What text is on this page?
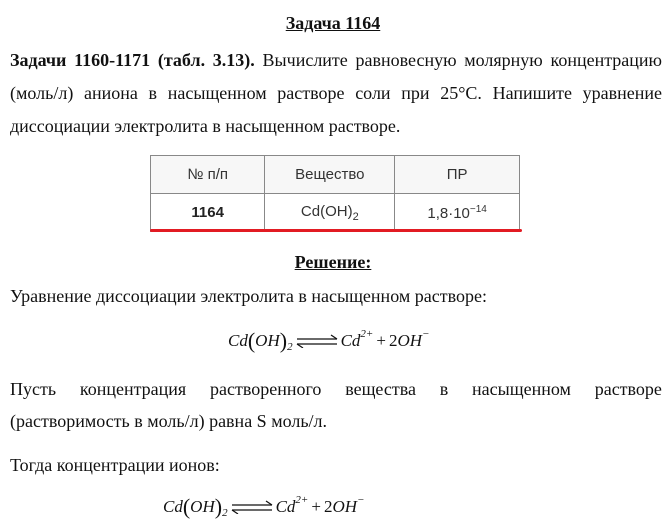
Задача 1164
Задачи 1160-1171 (табл. 3.13). Вычислите равновесную молярную концентрацию (моль/л) аниона в насыщенном растворе соли при 25°С. Напишите уравнение диссоциации электролита в насыщенном растворе.
№ п/п	Вещество	ПР
1164	$Cd(OH)_2$	$1,8\cdot 10^{-14}$
Решение:
Уравнение диссоциации электролита в насыщенном растворе:
Cd ( OH ) 2 ⇌ Cd 2+ + 2 OH −
Пусть концентрация растворенного вещества в насыщенном растворе
(растворимость в моль/л) равна S моль/л.
Тогда концентрации ионов:
Cd ( OH ) 2 ⇌ Cd 2+ + 2 OH −
